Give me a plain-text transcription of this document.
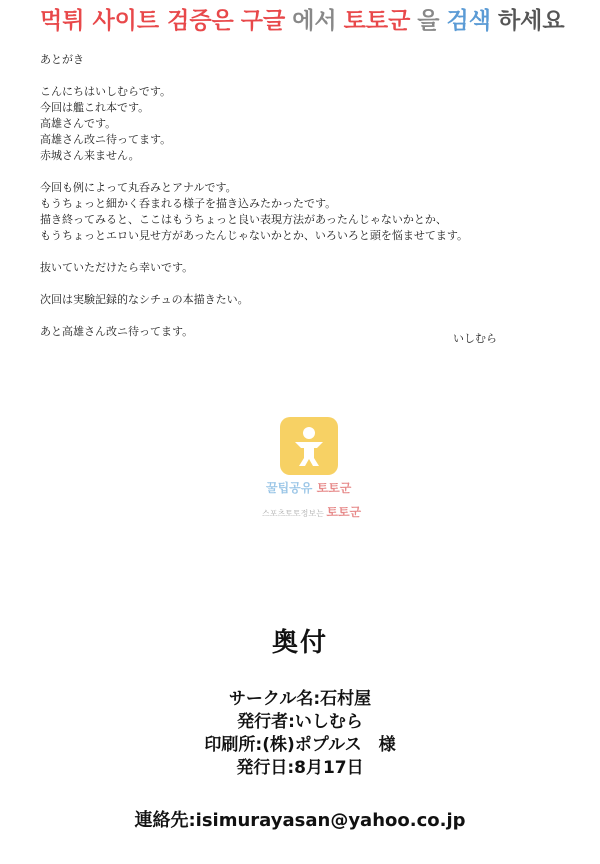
먹튀 사이트 검증은 구글 에서 토토군 을 검색 하세요

あとがき

こんにちはいしむらです。

今回は艦これ本です。

高雄さんです。

高雄さん改ニ待ってます。

赤城さん来ません。

今回も例によって丸呑みとアナルです。

もうちょっと細かく呑まれる様子を描き込みたかったです。

描き終ってみると、ここはもうちょっと良い表現方法があったんじゃないかとか、

もうちょっとエロい見せ方があったんじゃないかとか、いろいろと頭を悩ませてます。

抜いていただけたら幸いです。

次回は実験記録的なシチュの本描きたい。

あと高雄さん改ニ待ってます。

いしむら
꿀팁공유 토토군
스포츠토토정보는 토토군
奥付
サークル名:石村屋
発行者:いしむら
印刷所:(株)ポプルス　様
発行日:8月17日
連絡先:isimurayasan@yahoo.co.jp
